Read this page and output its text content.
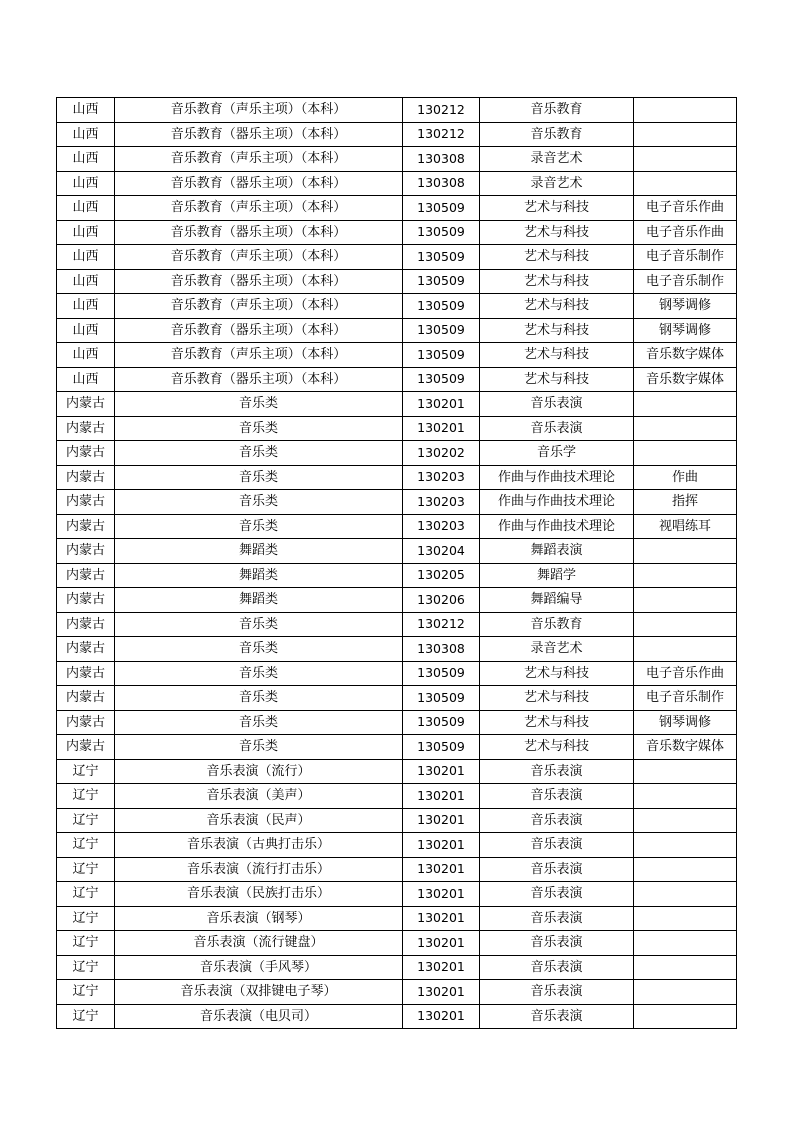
山西	音乐教育（声乐主项）（本科）	130212	音乐教育	
山西	音乐教育（器乐主项）（本科）	130212	音乐教育	
山西	音乐教育（声乐主项）（本科）	130308	录音艺术	
山西	音乐教育（器乐主项）（本科）	130308	录音艺术	
山西	音乐教育（声乐主项）（本科）	130509	艺术与科技	电子音乐作曲
山西	音乐教育（器乐主项）（本科）	130509	艺术与科技	电子音乐作曲
山西	音乐教育（声乐主项）（本科）	130509	艺术与科技	电子音乐制作
山西	音乐教育（器乐主项）（本科）	130509	艺术与科技	电子音乐制作
山西	音乐教育（声乐主项）（本科）	130509	艺术与科技	钢琴调修
山西	音乐教育（器乐主项）（本科）	130509	艺术与科技	钢琴调修
山西	音乐教育（声乐主项）（本科）	130509	艺术与科技	音乐数字媒体
山西	音乐教育（器乐主项）（本科）	130509	艺术与科技	音乐数字媒体
内蒙古	音乐类	130201	音乐表演	
内蒙古	音乐类	130201	音乐表演	
内蒙古	音乐类	130202	音乐学	
内蒙古	音乐类	130203	作曲与作曲技术理论	作曲
内蒙古	音乐类	130203	作曲与作曲技术理论	指挥
内蒙古	音乐类	130203	作曲与作曲技术理论	视唱练耳
内蒙古	舞蹈类	130204	舞蹈表演	
内蒙古	舞蹈类	130205	舞蹈学	
内蒙古	舞蹈类	130206	舞蹈编导	
内蒙古	音乐类	130212	音乐教育	
内蒙古	音乐类	130308	录音艺术	
内蒙古	音乐类	130509	艺术与科技	电子音乐作曲
内蒙古	音乐类	130509	艺术与科技	电子音乐制作
内蒙古	音乐类	130509	艺术与科技	钢琴调修
内蒙古	音乐类	130509	艺术与科技	音乐数字媒体
辽宁	音乐表演（流行）	130201	音乐表演	
辽宁	音乐表演（美声）	130201	音乐表演	
辽宁	音乐表演（民声）	130201	音乐表演	
辽宁	音乐表演（古典打击乐）	130201	音乐表演	
辽宁	音乐表演（流行打击乐）	130201	音乐表演	
辽宁	音乐表演（民族打击乐）	130201	音乐表演	
辽宁	音乐表演（钢琴）	130201	音乐表演	
辽宁	音乐表演（流行键盘）	130201	音乐表演	
辽宁	音乐表演（手风琴）	130201	音乐表演	
辽宁	音乐表演（双排键电子琴）	130201	音乐表演	
辽宁	音乐表演（电贝司）	130201	音乐表演	
